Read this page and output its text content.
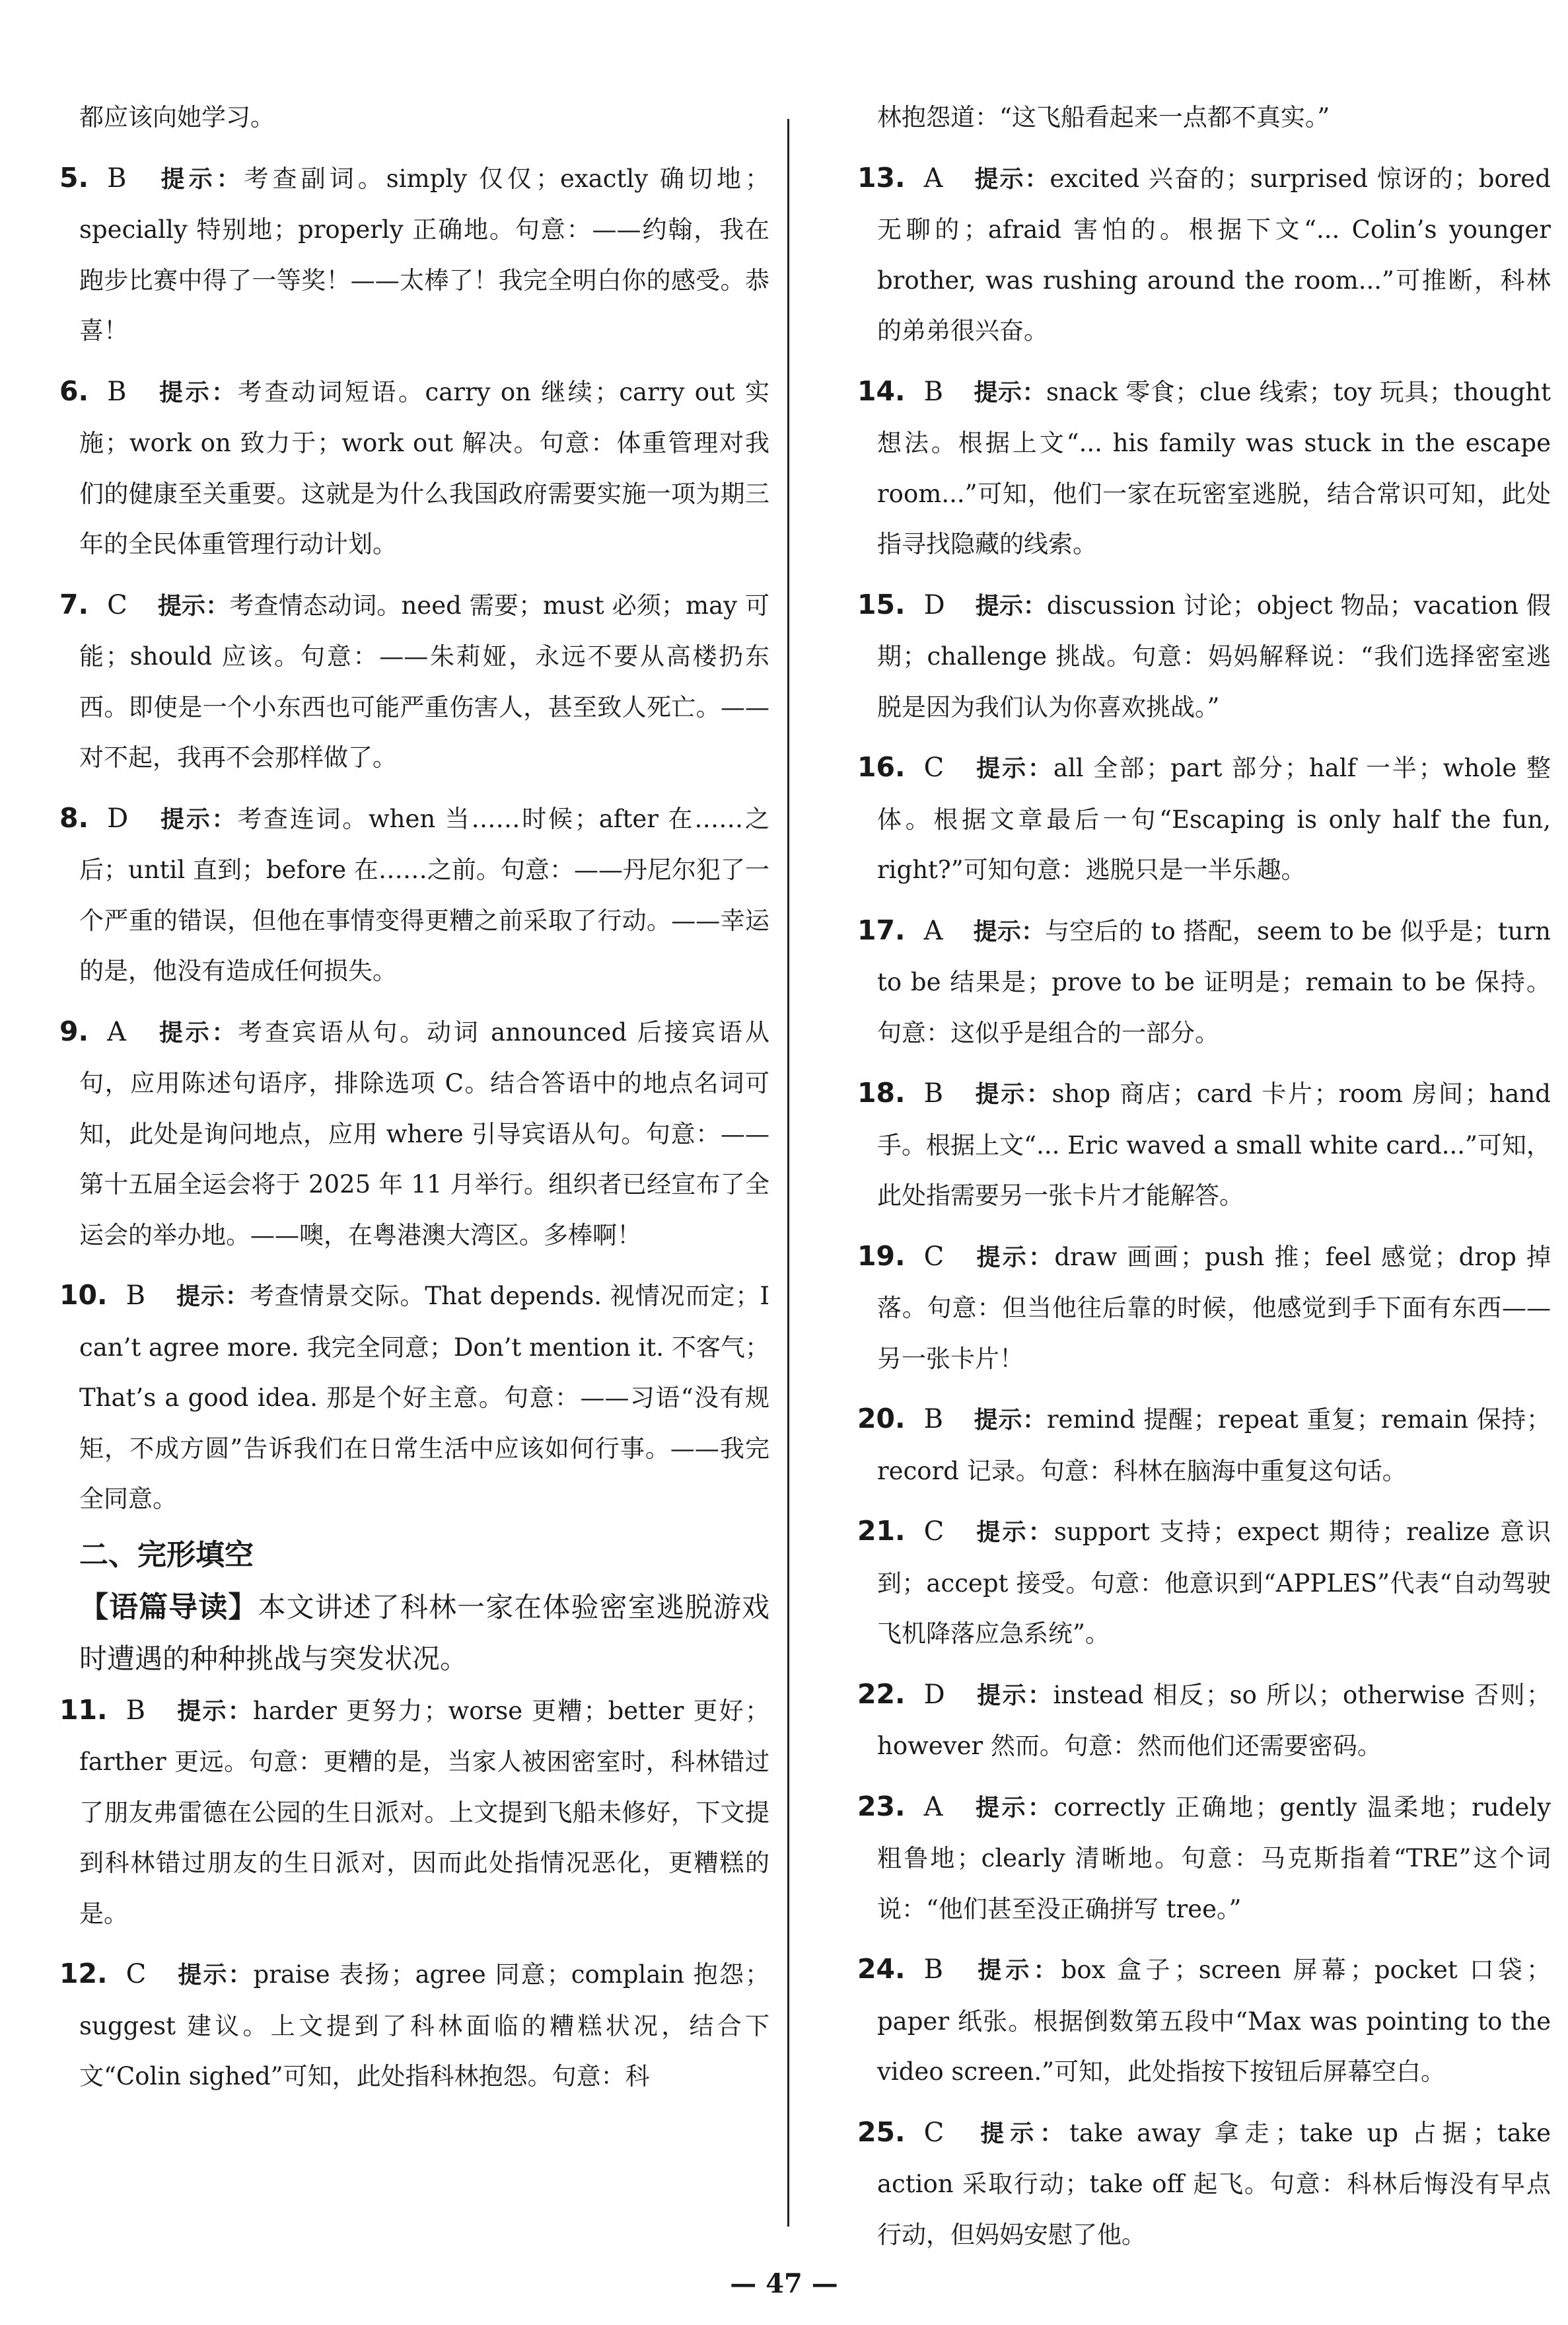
都应该向她学习。

5. B 提示：考查副词。simply 仅仅；exactly 确切地；specially 特别地；properly 正确地。句意：——约翰，我在跑步比赛中得了一等奖！——太棒了！我完全明白你的感受。恭喜！
6. B 提示：考查动词短语。carry on 继续；carry out 实施；work on 致力于；work out 解决。句意：体重管理对我们的健康至关重要。这就是为什么我国政府需要实施一项为期三年的全民体重管理行动计划。
7. C 提示：考查情态动词。need 需要；must 必须；may 可能；should 应该。句意：——朱莉娅，永远不要从高楼扔东西。即使是一个小东西也可能严重伤害人，甚至致人死亡。——对不起，我再不会那样做了。
8. D 提示：考查连词。when 当……时候；after 在……之后；until 直到；before 在……之前。句意：——丹尼尔犯了一个严重的错误，但他在事情变得更糟之前采取了行动。——幸运的是，他没有造成任何损失。
9. A 提示：考查宾语从句。动词 announced 后接宾语从句，应用陈述句语序，排除选项 C。结合答语中的地点名词可知，此处是询问地点，应用 where 引导宾语从句。句意：——第十五届全运会将于 2025 年 11 月举行。组织者已经宣布了全运会的举办地。——噢，在粤港澳大湾区。多棒啊！
10. B 提示：考查情景交际。That depends. 视情况而定；I can’t agree more. 我完全同意；Don’t mention it. 不客气；That’s a good idea. 那是个好主意。句意：——习语“没有规矩，不成方圆”告诉我们在日常生活中应该如何行事。——我完全同意。

二、完形填空

【语篇导读】本文讲述了科林一家在体验密室逃脱游戏时遭遇的种种挑战与突发状况。

11. B 提示：harder 更努力；worse 更糟；better 更好；farther 更远。句意：更糟的是，当家人被困密室时，科林错过了朋友弗雷德在公园的生日派对。上文提到飞船未修好，下文提到科林错过朋友的生日派对，因而此处指情况恶化，更糟糕的是。
12. C 提示：praise 表扬；agree 同意；complain 抱怨；suggest 建议。上文提到了科林面临的糟糕状况，结合下文“Colin sighed”可知，此处指科林抱怨。句意：科

林抱怨道：“这飞船看起来一点都不真实。”

13. A 提示：excited 兴奋的；surprised 惊讶的；bored 无聊的；afraid 害怕的。根据下文“... Colin’s younger brother, was rushing around the room...”可推断，科林的弟弟很兴奋。
14. B 提示：snack 零食；clue 线索；toy 玩具；thought 想法。根据上文“... his family was stuck in the escape room...”可知，他们一家在玩密室逃脱，结合常识可知，此处指寻找隐藏的线索。
15. D 提示：discussion 讨论；object 物品；vacation 假期；challenge 挑战。句意：妈妈解释说：“我们选择密室逃脱是因为我们认为你喜欢挑战。”
16. C 提示：all 全部；part 部分；half 一半；whole 整体。根据文章最后一句“Escaping is only half the fun, right?”可知句意：逃脱只是一半乐趣。
17. A 提示：与空后的 to 搭配，seem to be 似乎是；turn to be 结果是；prove to be 证明是；remain to be 保持。句意：这似乎是组合的一部分。
18. B 提示：shop 商店；card 卡片；room 房间；hand 手。根据上文“... Eric waved a small white card...”可知，此处指需要另一张卡片才能解答。
19. C 提示：draw 画画；push 推；feel 感觉；drop 掉落。句意：但当他往后靠的时候，他感觉到手下面有东西——另一张卡片！
20. B 提示：remind 提醒；repeat 重复；remain 保持；record 记录。句意：科林在脑海中重复这句话。
21. C 提示：support 支持；expect 期待；realize 意识到；accept 接受。句意：他意识到“APPLES”代表“自动驾驶飞机降落应急系统”。
22. D 提示：instead 相反；so 所以；otherwise 否则；however 然而。句意：然而他们还需要密码。
23. A 提示：correctly 正确地；gently 温柔地；rudely 粗鲁地；clearly 清晰地。句意：马克斯指着“TRE”这个词说：“他们甚至没正确拼写 tree。”
24. B 提示：box 盒子；screen 屏幕；pocket 口袋；paper 纸张。根据倒数第五段中“Max was pointing to the video screen.”可知，此处指按下按钮后屏幕空白。
25. C 提示：take away 拿走；take up 占据；take action 采取行动；take off 起飞。句意：科林后悔没有早点行动，但妈妈安慰了他。
— 47 —
